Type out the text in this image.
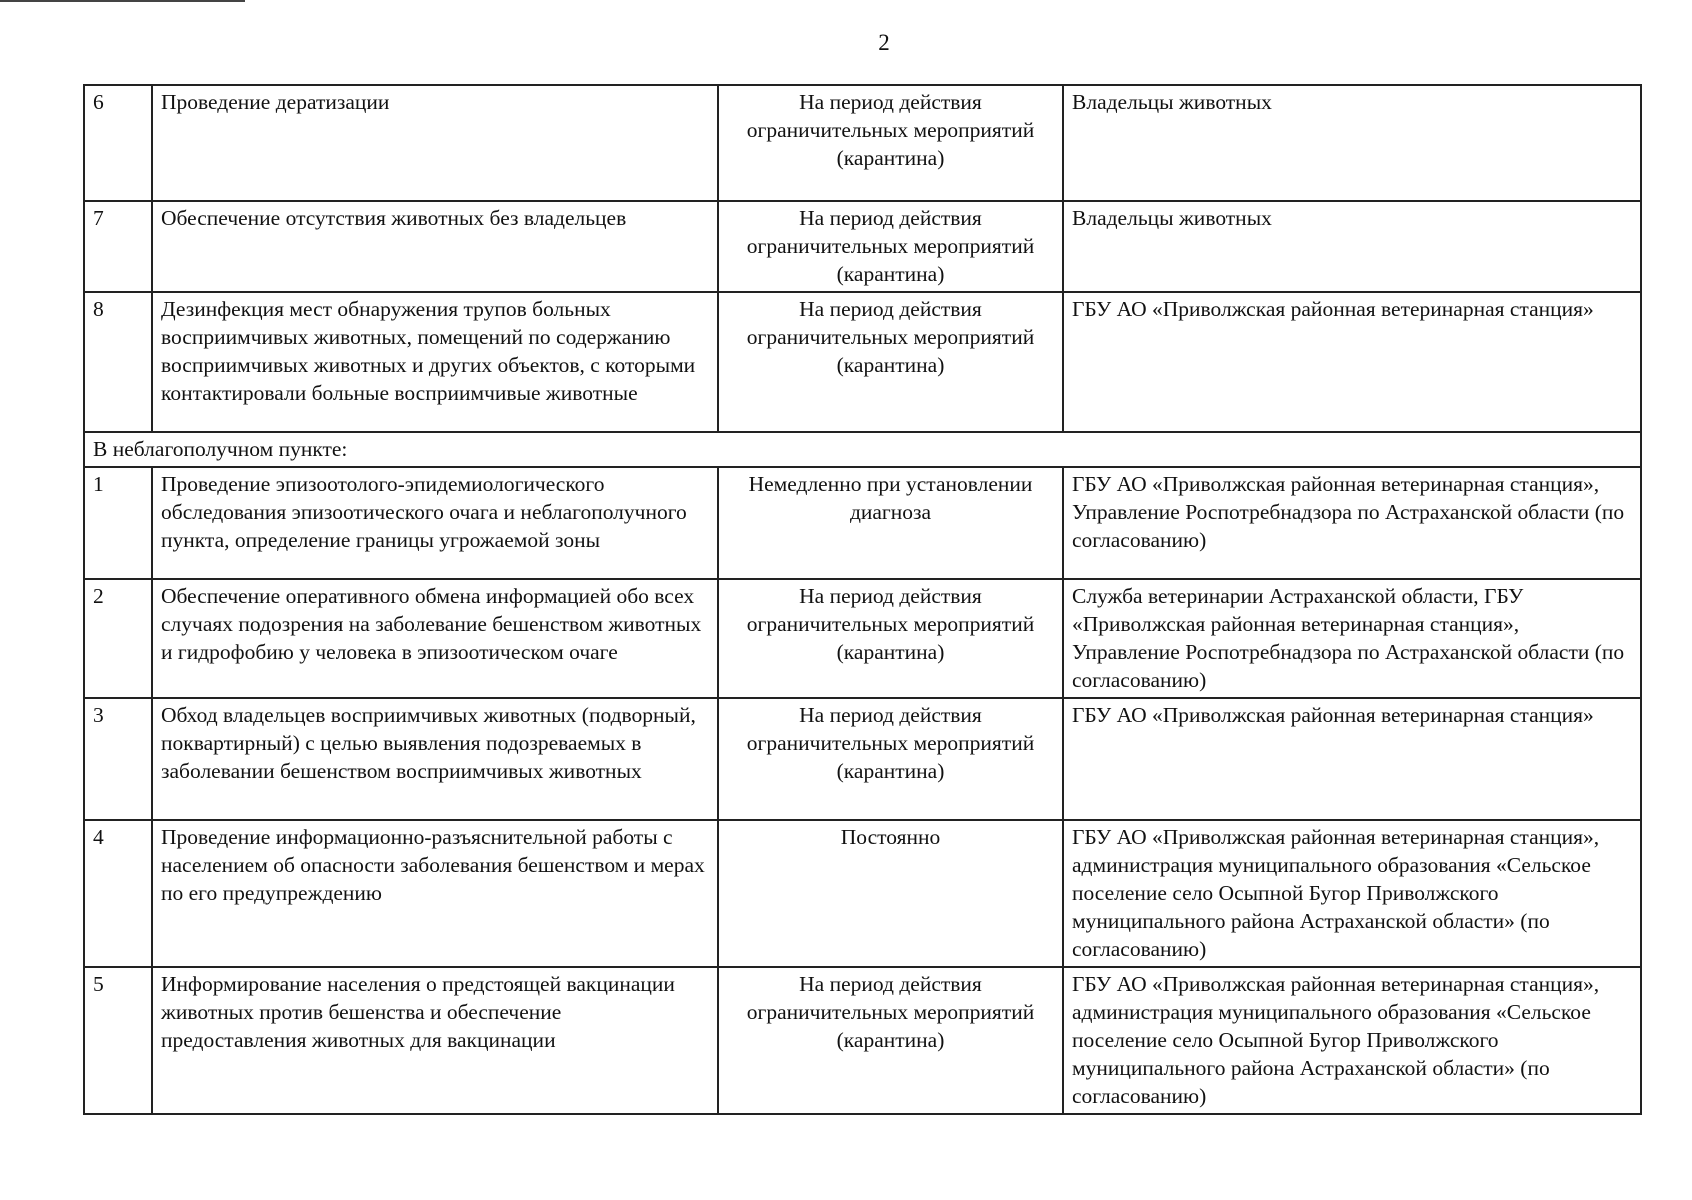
2
6	Проведение дератизации	На период действия ограничительных мероприятий (карантина)	Владельцы животных
7	Обеспечение отсутствия животных без владельцев	На период действия ограничительных мероприятий (карантина)	Владельцы животных
8	Дезинфекция мест обнаружения трупов больных восприимчивых животных, помещений по содержанию восприимчивых животных и других объектов, с которыми контактировали больные восприимчивые животные	На период действия ограничительных мероприятий (карантина)	ГБУ АО «Приволжская районная ветеринарная станция»
В неблагополучном пункте:			
1	Проведение эпизоотолого-эпидемиологического обследования эпизоотического очага и неблагополучного пункта, определение границы угрожаемой зоны	Немедленно при установлении диагноза	ГБУ АО «Приволжская районная ветеринарная станция», Управление Роспотребнадзора по Астраханской области (по согласованию)
2	Обеспечение оперативного обмена информацией обо всех случаях подозрения на заболевание бешенством животных и гидрофобию у человека в эпизоотическом очаге	На период действия ограничительных мероприятий (карантина)	Служба ветеринарии Астраханской области, ГБУ «Приволжская районная ветеринарная станция», Управление Роспотребнадзора по Астраханской области (по согласованию)
3	Обход владельцев восприимчивых животных (подворный, поквартирный) с целью выявления подозреваемых в заболевании бешенством восприимчивых животных	На период действия ограничительных мероприятий (карантина)	ГБУ АО «Приволжская районная ветеринарная станция»
4	Проведение информационно-разъяснительной работы с населением об опасности заболевания бешенством и мерах по его предупреждению	Постоянно	ГБУ АО «Приволжская районная ветеринарная станция», администрация муниципального образования «Сельское поселение село Осыпной Бугор Приволжского муниципального района Астраханской области» (по согласованию)
5	Информирование населения о предстоящей вакцинации животных против бешенства и обеспечение предоставления животных для вакцинации	На период действия ограничительных мероприятий (карантина)	ГБУ АО «Приволжская районная ветеринарная станция», администрация муниципального образования «Сельское поселение село Осыпной Бугор Приволжского муниципального района Астраханской области» (по согласованию)
